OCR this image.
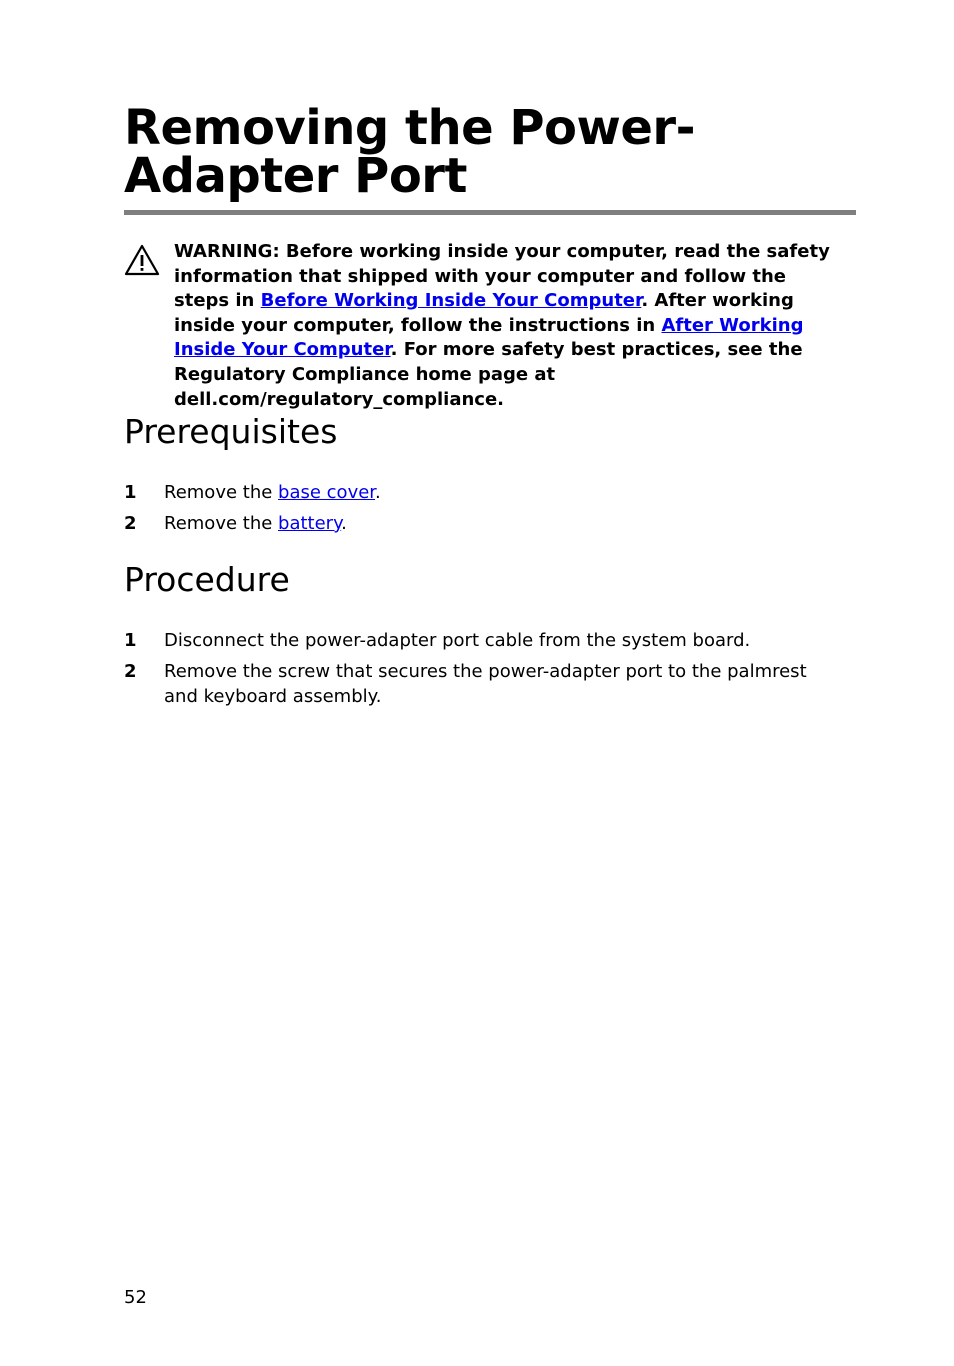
Removing the Power-Adapter Port

WARNING: Before working inside your computer, read the safety information that shipped with your computer and follow the steps in Before Working Inside Your Computer. After working inside your computer, follow the instructions in After Working Inside Your Computer. For more safety best practices, see the Regulatory Compliance home page at dell.com/regulatory_compliance.

Prerequisites
1	Remove the base cover.
2	Remove the battery.
Procedure
1	Disconnect the power-adapter port cable from the system board.
2	Remove the screw that secures the power-adapter port to the palmrest and keyboard assembly.
52
